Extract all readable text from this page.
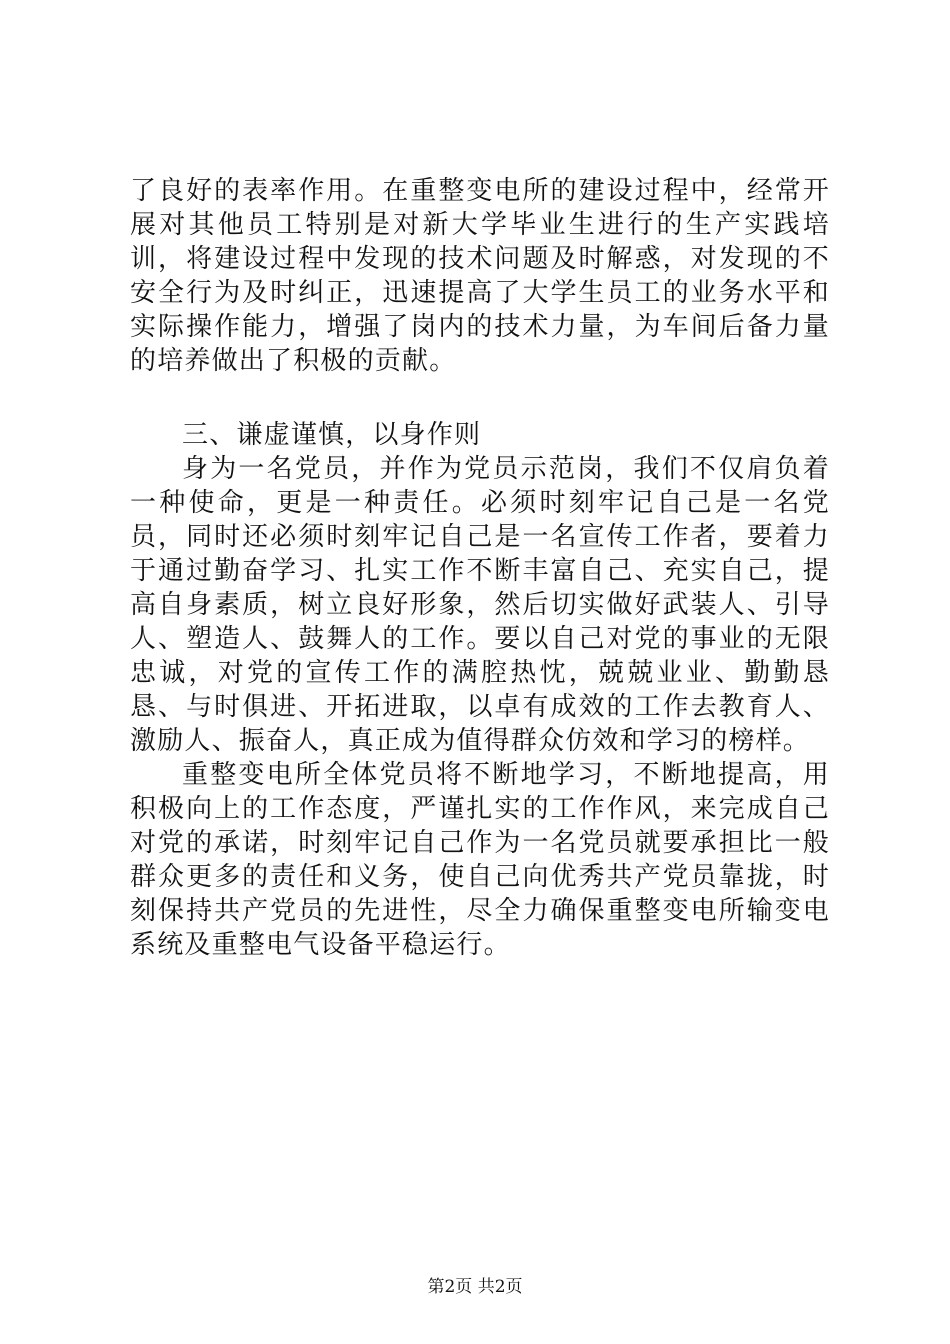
了良好的表率作用。在重整变电所的建设过程中，经常开展对其他员工特别是对新大学毕业生进行的生产实践培训，将建设过程中发现的技术问题及时解惑，对发现的不安全行为及时纠正，迅速提高了大学生员工的业务水平和实际操作能力，增强了岗内的技术力量，为车间后备力量的培养做出了积极的贡献。

三、谦虚谨慎，以身作则

身为一名党员，并作为党员示范岗，我们不仅肩负着一种使命，更是一种责任。必须时刻牢记自己是一名党员，同时还必须时刻牢记自己是一名宣传工作者，要着力于通过勤奋学习、扎实工作不断丰富自己、充实自己，提高自身素质，树立良好形象，然后切实做好武装人、引导人、塑造人、鼓舞人的工作。要以自己对党的事业的无限忠诚，对党的宣传工作的满腔热忱，兢兢业业、勤勤恳恳、与时俱进、开拓进取，以卓有成效的工作去教育人、激励人、振奋人，真正成为值得群众仿效和学习的榜样。

重整变电所全体党员将不断地学习，不断地提高，用积极向上的工作态度，严谨扎实的工作作风，来完成自己对党的承诺，时刻牢记自己作为一名党员就要承担比一般群众更多的责任和义务，使自己向优秀共产党员靠拢，时刻保持共产党员的先进性，尽全力确保重整变电所输变电系统及重整电气设备平稳运行。

第2页 共2页
